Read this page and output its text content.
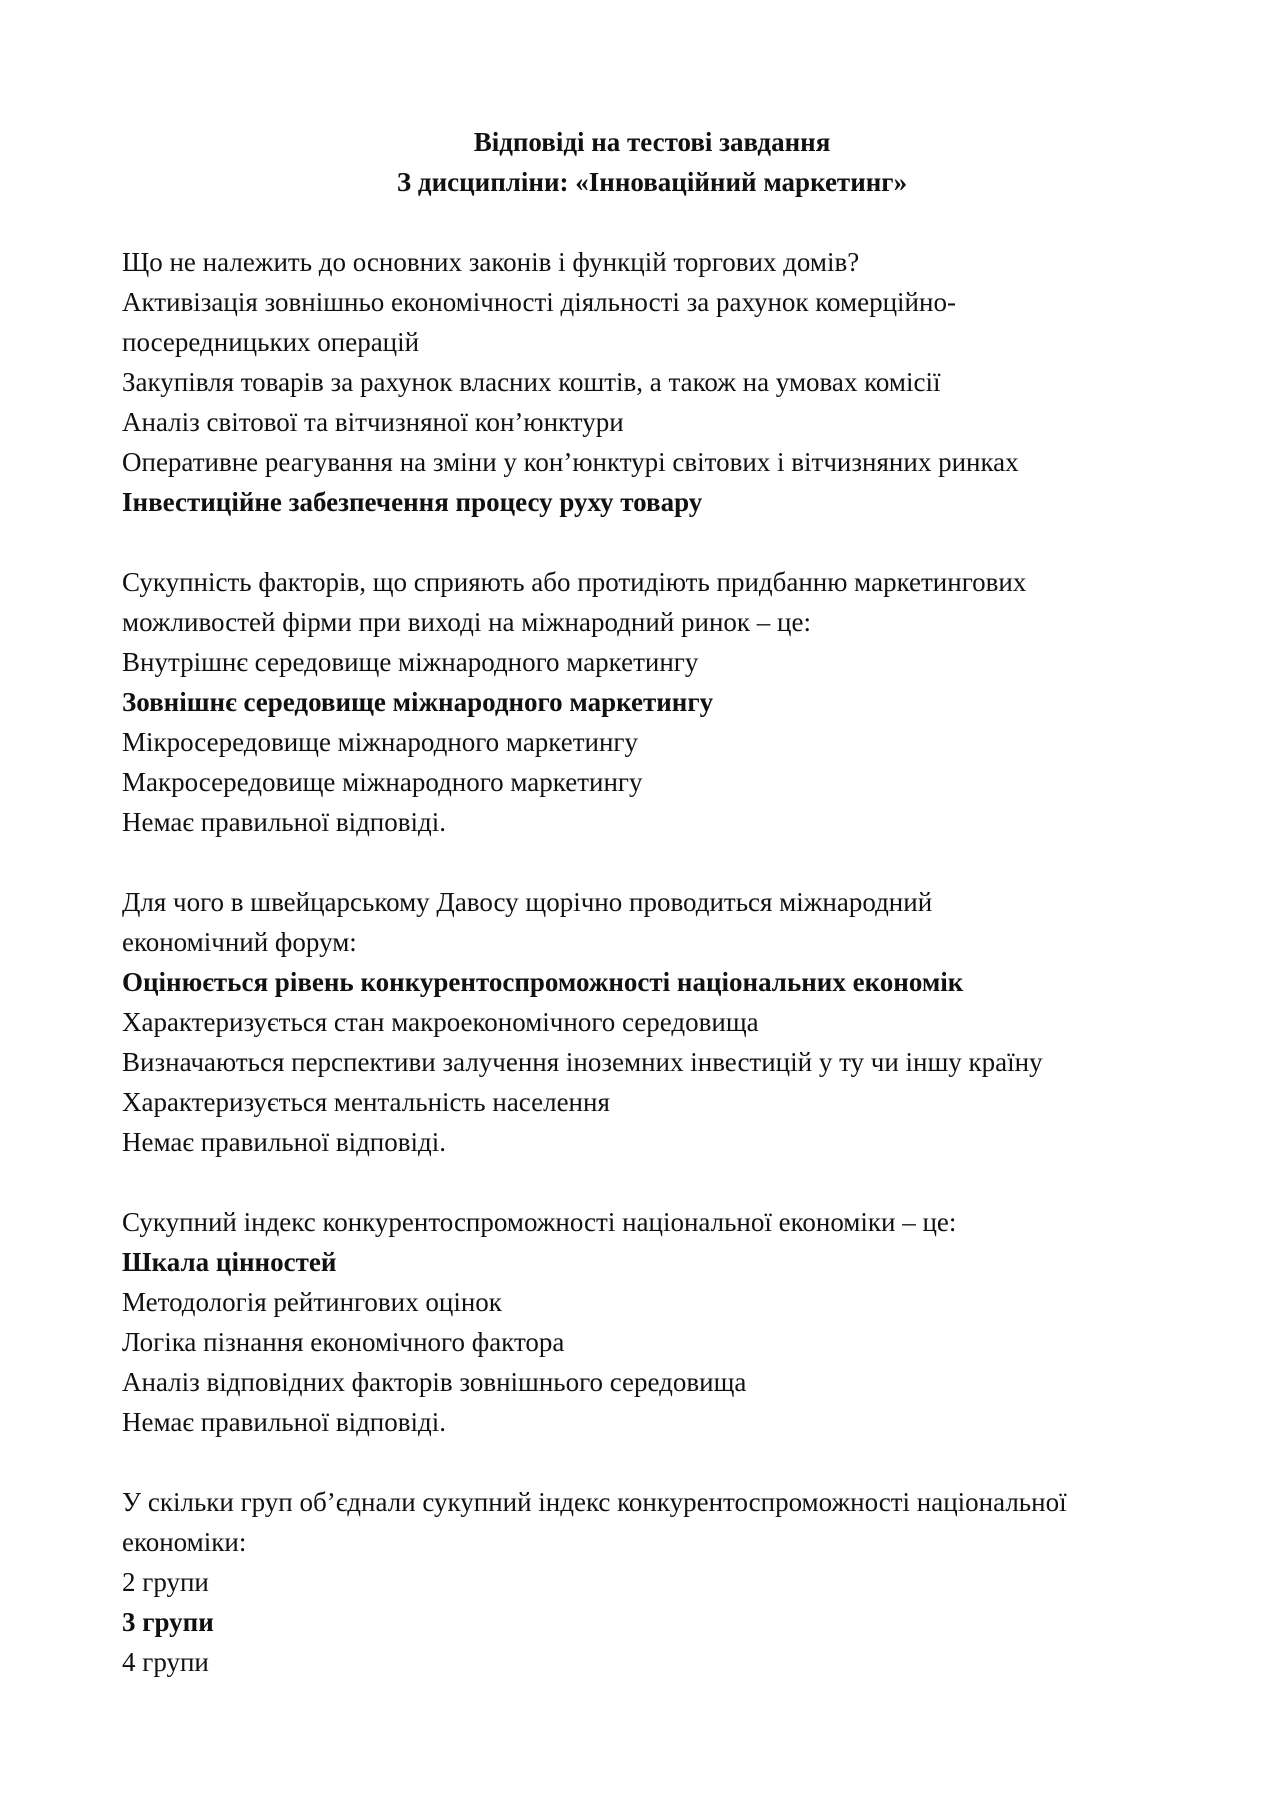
Відповіді на тестові завдання
З дисципліни: «Інноваційний маркетинг»
Що не належить до основних законів і функцій торгових домів?
Активізація зовнішньо економічності діяльності за рахунок комерційно-
посередницьких операцій
Закупівля товарів за рахунок власних коштів, а також на умовах комісії
Аналіз світової та вітчизняної кон’юнктури
Оперативне реагування на зміни у кон’юнктурі світових і вітчизняних ринках
Інвестиційне забезпечення процесу руху товару
Сукупність факторів, що сприяють або протидіють придбанню маркетингових
можливостей фірми при виході на міжнародний ринок – це:
Внутрішнє середовище міжнародного маркетингу
Зовнішнє середовище міжнародного маркетингу
Мікросередовище міжнародного маркетингу
Макросередовище міжнародного маркетингу
Немає правильної відповіді.
Для чого в швейцарському Давосу щорічно проводиться міжнародний
економічний форум:
Оцінюється рівень конкурентоспроможності національних економік
Характеризується стан макроекономічного середовища
Визначаються перспективи залучення іноземних інвестицій у ту чи іншу країну
Характеризується ментальність населення
Немає правильної відповіді.
Сукупний індекс конкурентоспроможності національної економіки – це:
Шкала цінностей
Методологія рейтингових оцінок
Логіка пізнання економічного фактора
Аналіз відповідних факторів зовнішнього середовища
Немає правильної відповіді.
У скільки груп об’єднали сукупний індекс конкурентоспроможності національної
економіки:
2 групи
3 групи
4 групи
